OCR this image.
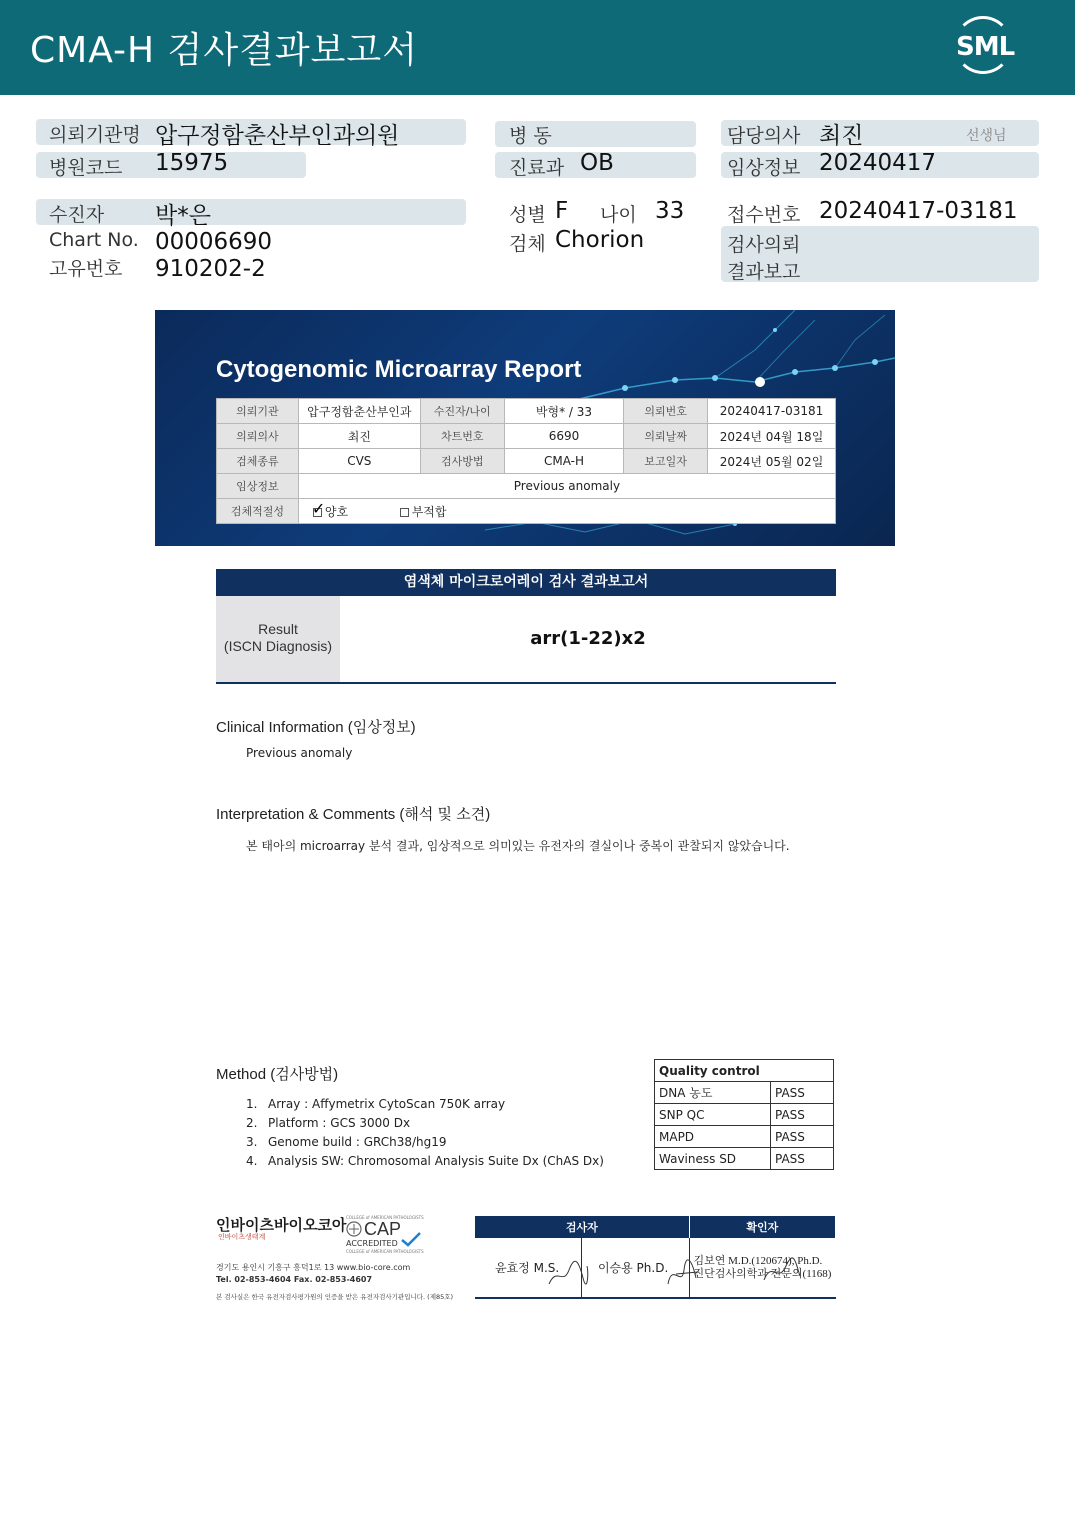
CMA-H 검사결과보고서	SML
의뢰기관명 압구정함춘산부인과의원	병 동	담당의사 최진	선생님
병원코드 15975	진료과 OB	임상정보 20240417
수진자 박*은	성별 F 나이 33 접수번호 20240417-03181
Chart No. 00006690	검체 Chorion	검사의뢰
결과보고
고유번호 910202-2
Cytogenomic Microarray Report
의뢰기관	압구정함춘산부인과	수진자/나이	박형* / 33	의뢰번호	20240417-03181
의뢰의사	최진	차트번호	6690	의뢰날짜	2024년 04월 18일
검체종류	CVS	검사방법	CMA-H	보고일자	2024년 05월 02일
임상정보	Previous anomaly				
검체적절성	✓양호 부적합
염색체 마이크로어레이 검사 결과보고서
Result
(ISCN Diagnosis)	arr(1-22)x2
Clinical Information (임상정보)
Previous anomaly
Interpretation & Comments (해석 및 소견)
본 태아의 microarray 분석 결과, 임상적으로 의미있는 유전자의 결실이나 중복이 관찰되지 않았습니다.
Method (검사방법)
1. Array : Affymetrix CytoScan 750K array
2. Platform : GCS 3000 Dx
3. Genome build : GRCh38/hg19
4. Analysis SW: Chromosomal Analysis Suite Dx (ChAS Dx)
Quality control	
DNA 농도	PASS
SNP QC	PASS
MAPD	PASS
Waviness SD	PASS
인바이츠바이오코아
인바이츠생태계
COLLEGE of AMERICAN PATHOLOGISTS
CAP
ACCREDITED
COLLEGE of AMERICAN PATHOLOGISTS
경기도 용인시 기흥구 흥덕1로 13 www.bio-core.com
Tel. 02-853-4604 Fax. 02-853-4607
본 검사실은 한국 유전자검사평가원의 인증을 받은 유전자검사기관입니다. (제85호)
검사자		확인자
윤효정 M.S.	이승용 Ph.D.	김보연 M.D.(120674), Ph.D.
진단검사의학과 전문의(1168)
